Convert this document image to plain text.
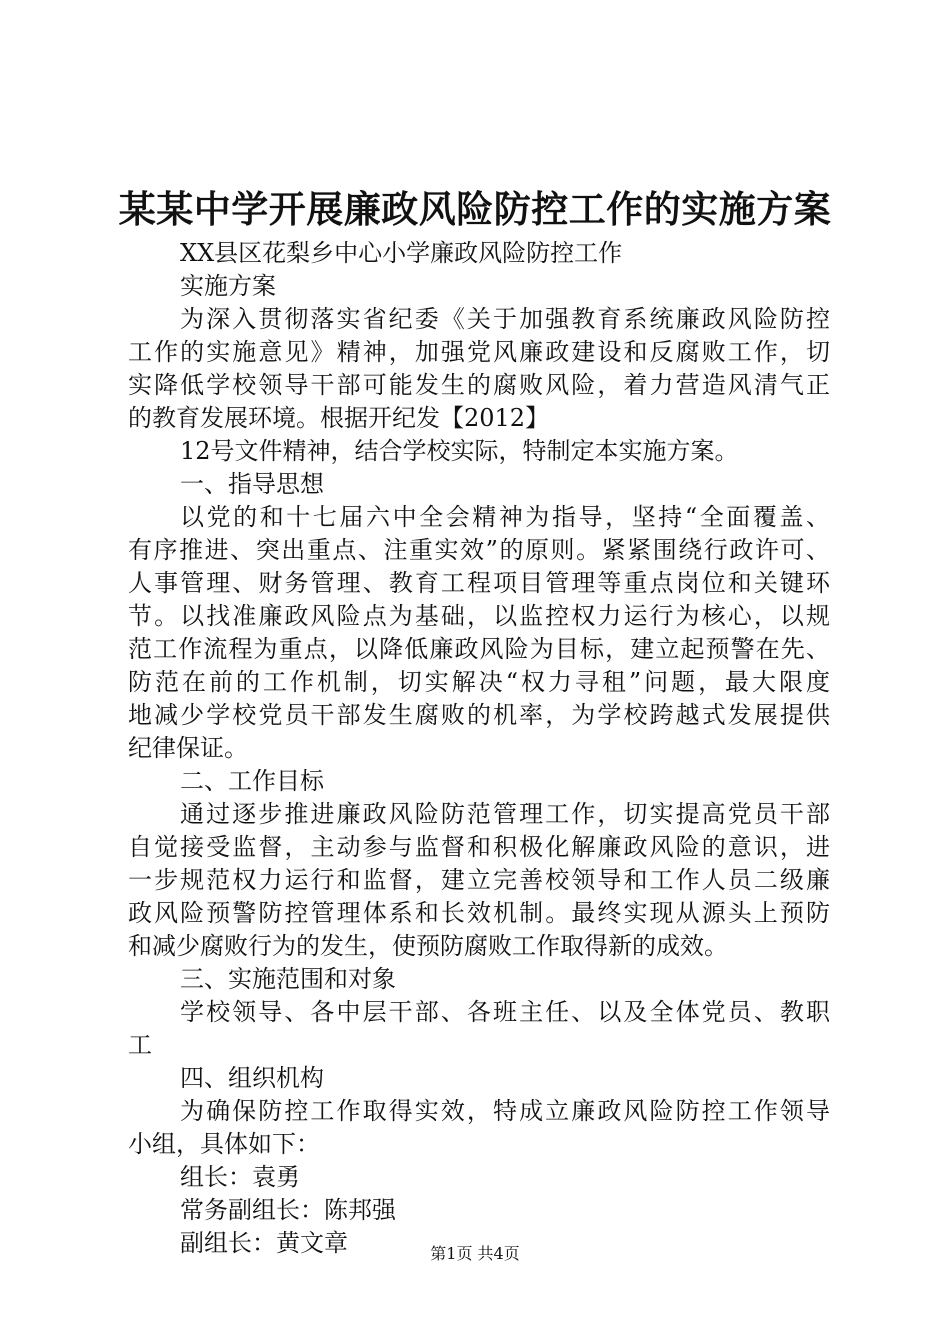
某某中学开展廉政风险防控工作的实施方案
XX县区花梨乡中心小学廉政风险防控工作
实施方案
为深入贯彻落实省纪委《关于加强教育系统廉政风险防控
工作的实施意见》精神，加强党风廉政建设和反腐败工作，切
实降低学校领导干部可能发生的腐败风险，着力营造风清气正
的教育发展环境。根据开纪发【2012】
12号文件精神，结合学校实际，特制定本实施方案。
一、指导思想
以党的和十七届六中全会精神为指导，坚持“全面覆盖、
有序推进、突出重点、注重实效”的原则。紧紧围绕行政许可、
人事管理、财务管理、教育工程项目管理等重点岗位和关键环
节。以找准廉政风险点为基础，以监控权力运行为核心，以规
范工作流程为重点，以降低廉政风险为目标，建立起预警在先、
防范在前的工作机制，切实解决“权力寻租”问题，最大限度
地减少学校党员干部发生腐败的机率，为学校跨越式发展提供
纪律保证。
二、工作目标
通过逐步推进廉政风险防范管理工作，切实提高党员干部
自觉接受监督，主动参与监督和积极化解廉政风险的意识，进
一步规范权力运行和监督，建立完善校领导和工作人员二级廉
政风险预警防控管理体系和长效机制。最终实现从源头上预防
和减少腐败行为的发生，使预防腐败工作取得新的成效。
三、实施范围和对象
学校领导、各中层干部、各班主任、以及全体党员、教职
工
四、组织机构
为确保防控工作取得实效，特成立廉政风险防控工作领导
小组，具体如下：
组长：袁勇
常务副组长：陈邦强
副组长：黄文章	第1页 共4页
